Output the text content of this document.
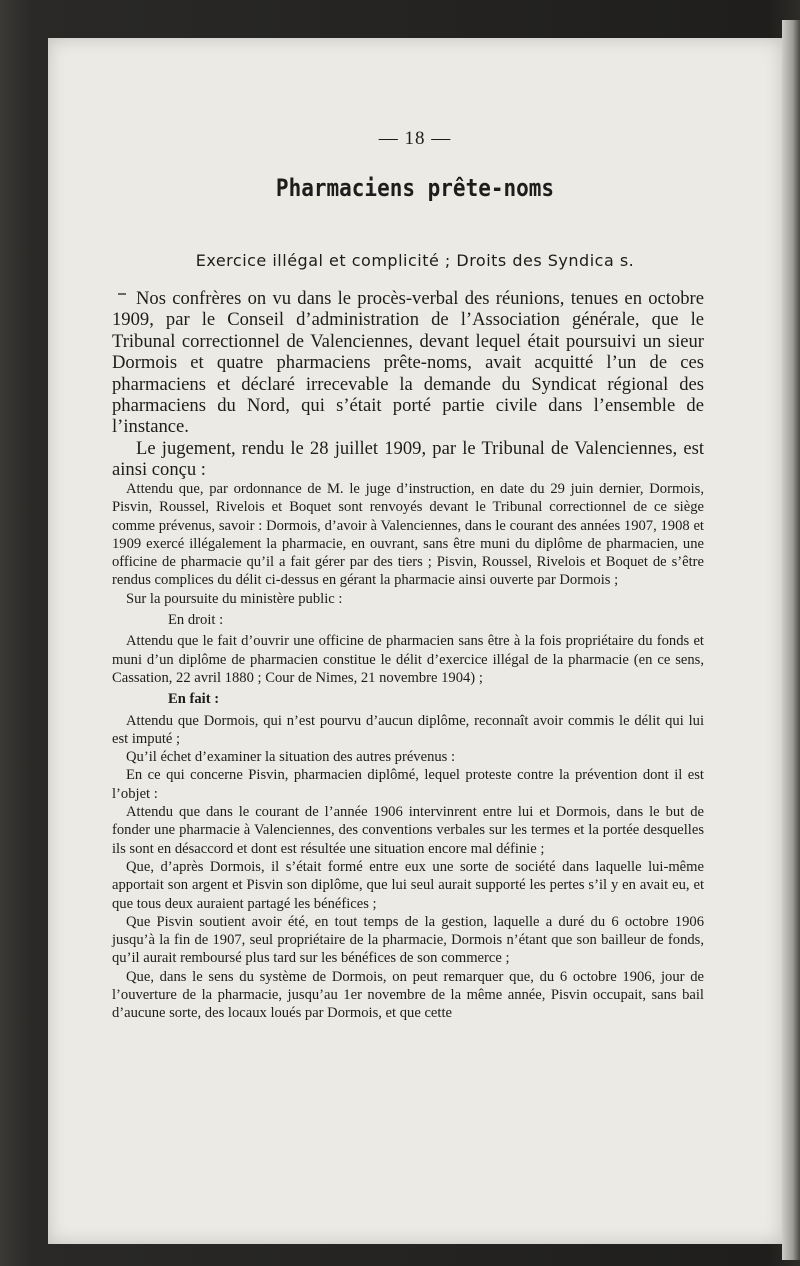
— 18 —
Pharmaciens prête-noms
Exercice illégal et complicité ; Droits des Syndica s.

Nos confrères on vu dans le procès-verbal des réunions, tenues en octobre 1909, par le Conseil d’administration de l’Association générale, que le Tribunal correctionnel de Valenciennes, devant lequel était poursuivi un sieur Dormois et quatre pharmaciens prête-noms, avait acquitté l’un de ces pharmaciens et déclaré irrecevable la demande du Syndicat régional des pharmaciens du Nord, qui s’était porté partie civile dans l’ensemble de l’instance.

Le jugement, rendu le 28 juillet 1909, par le Tribunal de Valenciennes, est ainsi conçu :

Attendu que, par ordonnance de M. le juge d’instruction, en date du 29 juin dernier, Dormois, Pisvin, Roussel, Rivelois et Boquet sont renvoyés devant le Tribunal correctionnel de ce siège comme prévenus, savoir : Dormois, d’avoir à Valenciennes, dans le courant des années 1907, 1908 et 1909 exercé illégalement la pharmacie, en ouvrant, sans être muni du diplôme de pharmacien, une officine de pharmacie qu’il a fait gérer par des tiers ; Pisvin, Roussel, Rivelois et Boquet de s’être rendus complices du délit ci-dessus en gérant la pharmacie ainsi ouverte par Dormois ;

Sur la poursuite du ministère public :

En droit :

Attendu que le fait d’ouvrir une officine de pharmacien sans être à la fois propriétaire du fonds et muni d’un diplôme de pharmacien constitue le délit d’exercice illégal de la pharmacie (en ce sens, Cassation, 22 avril 1880 ; Cour de Nimes, 21 novembre 1904) ;

En fait :

Attendu que Dormois, qui n’est pourvu d’aucun diplôme, reconnaît avoir commis le délit qui lui est imputé ;

Qu’il échet d’examiner la situation des autres prévenus :

En ce qui concerne Pisvin, pharmacien diplômé, lequel proteste contre la prévention dont il est l’objet :

Attendu que dans le courant de l’année 1906 intervinrent entre lui et Dormois, dans le but de fonder une pharmacie à Valenciennes, des conventions verbales sur les termes et la portée desquelles ils sont en désaccord et dont est résultée une situation encore mal définie ;

Que, d’après Dormois, il s’était formé entre eux une sorte de société dans laquelle lui-même apportait son argent et Pisvin son diplôme, que lui seul aurait supporté les pertes s’il y en avait eu, et que tous deux auraient partagé les bénéfices ;

Que Pisvin soutient avoir été, en tout temps de la gestion, laquelle a duré du 6 octobre 1906 jusqu’à la fin de 1907, seul propriétaire de la pharmacie, Dormois n’étant que son bailleur de fonds, qu’il aurait remboursé plus tard sur les bénéfices de son commerce ;

Que, dans le sens du système de Dormois, on peut remarquer que, du 6 octobre 1906, jour de l’ouverture de la pharmacie, jusqu’au 1er novembre de la même année, Pisvin occupait, sans bail d’aucune sorte, des locaux loués par Dormois, et que cette
